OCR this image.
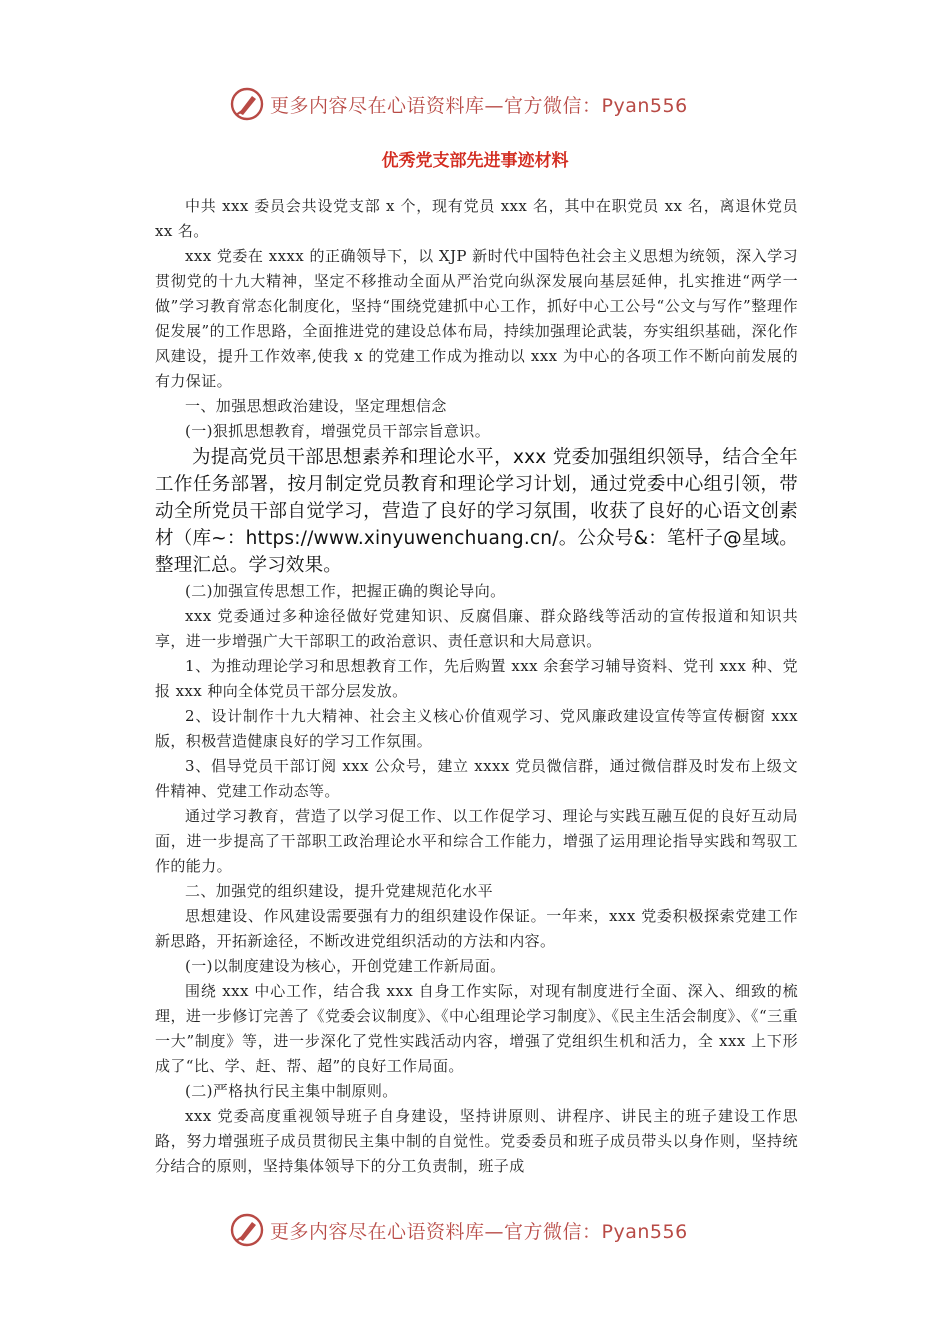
更多内容尽在心语资料库—官方微信：Pyan556
优秀党支部先进事迹材料

中共 xxx 委员会共设党支部 x 个，现有党员 xxx 名，其中在职党员 xx 名，离退休党员 xx 名。

xxx 党委在 xxxx 的正确领导下，以 XJP 新时代中国特色社会主义思想为统领，深入学习贯彻党的十九大精神，坚定不移推动全面从严治党向纵深发展向基层延伸，扎实推进“两学一做”学习教育常态化制度化，坚持“围绕党建抓中心工作，抓好中心工公号“公文与写作”整理作促发展”的工作思路，全面推进党的建设总体布局，持续加强理论武装，夯实组织基础，深化作风建设，提升工作效率,使我 x 的党建工作成为推动以 xxx 为中心的各项工作不断向前发展的有力保证。

一、加强思想政治建设，坚定理想信念

(一)狠抓思想教育，增强党员干部宗旨意识。

为提高党员干部思想素养和理论水平，xxx 党委加强组织领导，结合全年工作任务部署，按月制定党员教育和理论学习计划，通过党委中心组引领，带动全所党员干部自觉学习，营造了良好的学习氛围，收获了良好的心语文创素材（库~：https://www.xinyuwenchuang.cn/。公众号&：笔杆子@星域。整理汇总。学习效果。

(二)加强宣传思想工作，把握正确的舆论导向。

xxx 党委通过多种途径做好党建知识、反腐倡廉、群众路线等活动的宣传报道和知识共享，进一步增强广大干部职工的政治意识、责任意识和大局意识。

1、为推动理论学习和思想教育工作，先后购置 xxx 余套学习辅导资料、党刊 xxx 种、党报 xxx 种向全体党员干部分层发放。

2、设计制作十九大精神、社会主义核心价值观学习、党风廉政建设宣传等宣传橱窗 xxx 版，积极营造健康良好的学习工作氛围。

3、倡导党员干部订阅 xxx 公众号，建立 xxxx 党员微信群，通过微信群及时发布上级文件精神、党建工作动态等。

通过学习教育，营造了以学习促工作、以工作促学习、理论与实践互融互促的良好互动局面，进一步提高了干部职工政治理论水平和综合工作能力，增强了运用理论指导实践和驾驭工作的能力。

二、加强党的组织建设，提升党建规范化水平

思想建设、作风建设需要强有力的组织建设作保证。一年来，xxx 党委积极探索党建工作新思路，开拓新途径，不断改进党组织活动的方法和内容。

(一)以制度建设为核心，开创党建工作新局面。

围绕 xxx 中心工作，结合我 xxx 自身工作实际，对现有制度进行全面、深入、细致的梳理，进一步修订完善了《党委会议制度》、《中心组理论学习制度》、《民主生活会制度》、《“三重一大”制度》等，进一步深化了党性实践活动内容，增强了党组织生机和活力，全 xxx 上下形成了“比、学、赶、帮、超”的良好工作局面。

(二)严格执行民主集中制原则。

xxx 党委高度重视领导班子自身建设，坚持讲原则、讲程序、讲民主的班子建设工作思路，努力增强班子成员贯彻民主集中制的自觉性。党委委员和班子成员带头以身作则，坚持统分结合的原则，坚持集体领导下的分工负责制，班子成

更多内容尽在心语资料库—官方微信：Pyan556
